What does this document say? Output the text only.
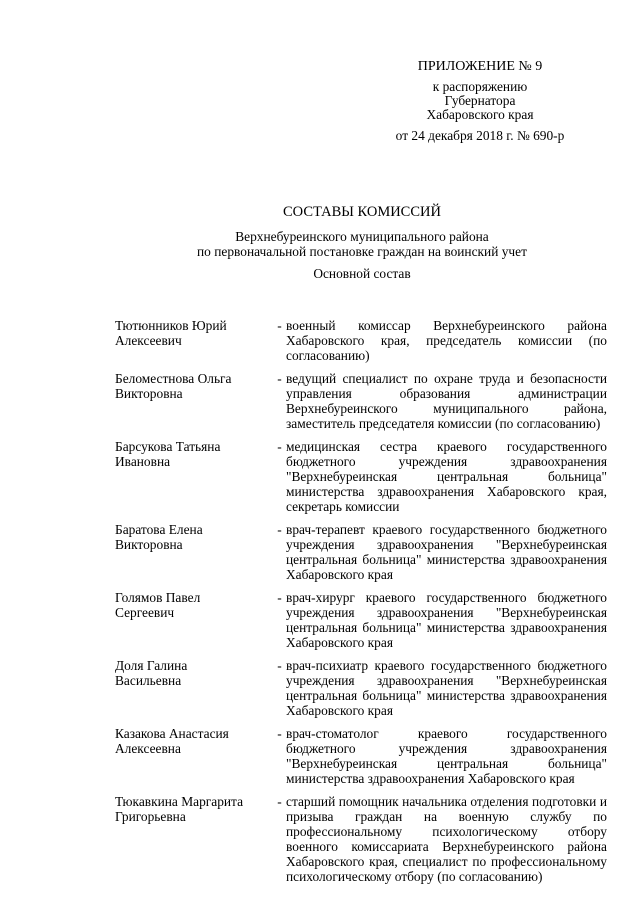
ПРИЛОЖЕНИЕ № 9
к распоряжению
Губернатора
Хабаровского края
от 24 декабря 2018 г. № 690-р
СОСТАВЫ КОМИССИЙ
Верхнебуреинского муниципального района
по первоначальной постановке граждан на воинский учет
Основной состав
Тютюнников Юрий
Алексеевич
- военный комиссар Верхнебуреинского района Хабаровского края, председатель комиссии (по согласованию)
Беломестнова Ольга
Викторовна
- ведущий специалист по охране труда и безопасности управления образования администрации Верхнебуреинского муниципального района, заместитель председателя комиссии (по согласованию)
Барсукова Татьяна
Ивановна
- медицинская сестра краевого государственного бюджетного учреждения здравоохранения "Верхнебуреинская центральная больница" министерства здравоохранения Хабаровского края, секретарь комиссии
Баратова Елена
Викторовна
- врач-терапевт краевого государственного бюджетного учреждения здравоохранения "Верхнебуреинская центральная больница" министерства здравоохранения Хабаровского края
Голямов Павел
Сергеевич
- врач-хирург краевого государственного бюджетного учреждения здравоохранения "Верхнебуреинская центральная больница" министерства здравоохранения Хабаровского края
Доля Галина
Васильевна
- врач-психиатр краевого государственного бюджетного учреждения здравоохранения "Верхнебуреинская центральная больница" министерства здравоохранения Хабаровского края
Казакова Анастасия
Алексеевна
- врач-стоматолог краевого государственного бюджетного учреждения здравоохранения "Верхнебуреинская центральная больница" министерства здравоохранения Хабаровского края
Тюкавкина Маргарита
Григорьевна
- старший помощник начальника отделения подготовки и призыва граждан на военную службу по профессиональному психологическому отбору военного комиссариата Верхнебуреинского района Хабаровского края, специалист по профессиональному психологическому отбору (по согласованию)
